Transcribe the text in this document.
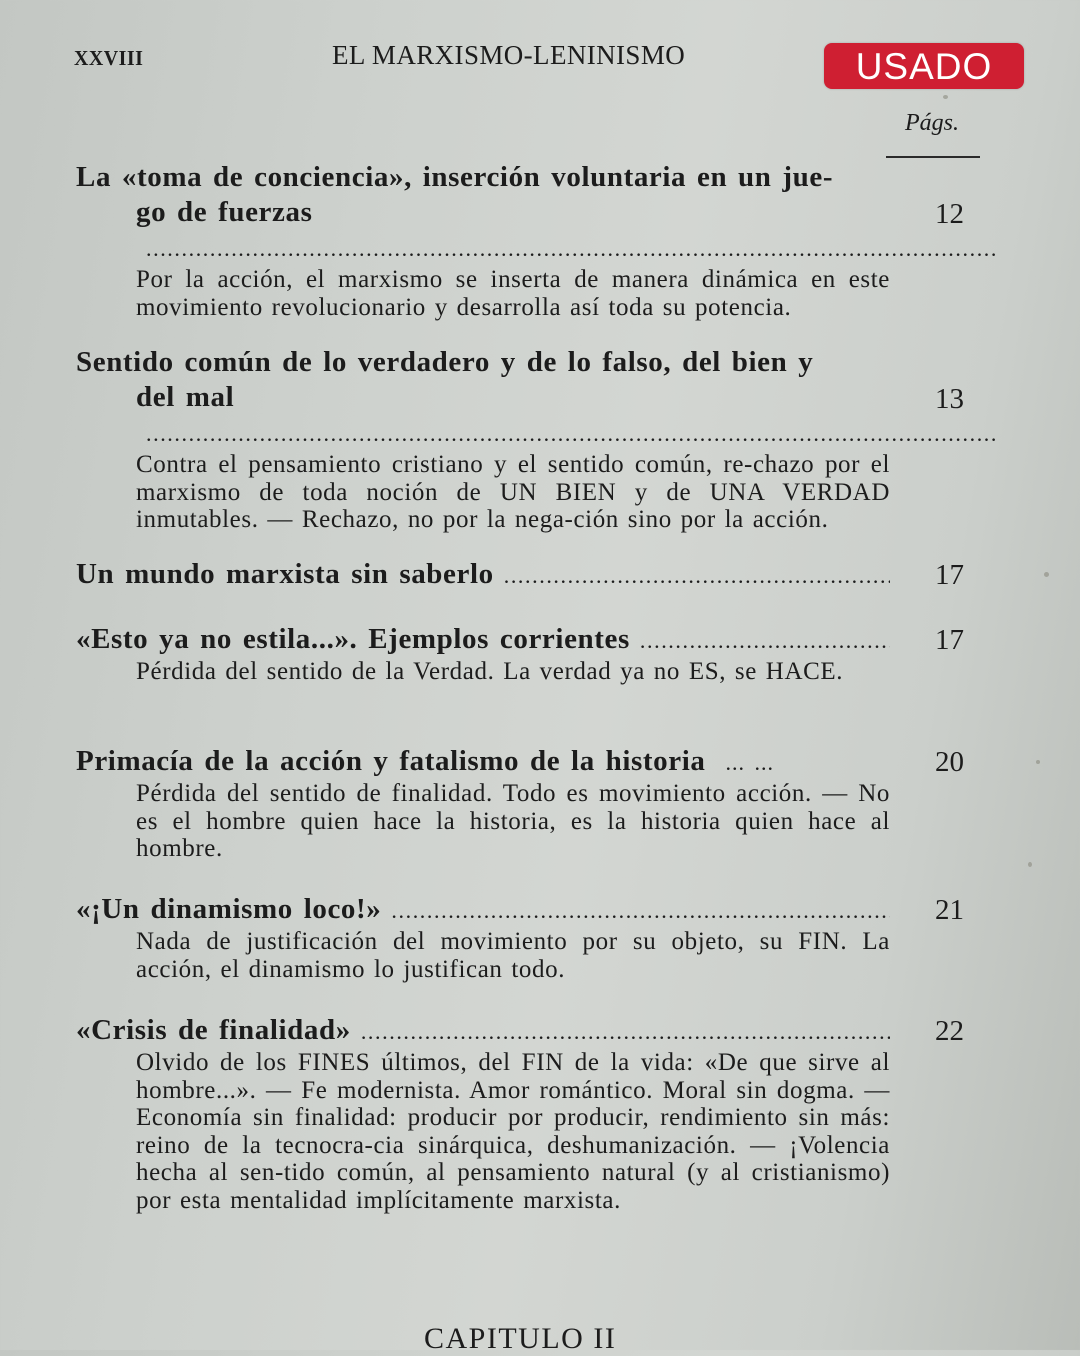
XXVIII	EL MARXISMO-LENINISMO	USADO
Págs.
La «toma de conciencia», inserción voluntaria en un jue-
go de fuerzas .....	12
Por la acción, el marxismo se inserta de manera dinámica en este movimiento revolucionario y desarrolla así toda su potencia.
Sentido común de lo verdadero y de lo falso, del bien y
del mal .....	13
Contra el pensamiento cristiano y el sentido común, re-chazo por el marxismo de toda noción de UN BIEN y de UNA VERDAD inmutables. — Rechazo, no por la nega-ción sino por la acción.
Un mundo marxista sin saberlo .....	17
«Esto ya no estila...». Ejemplos corrientes .....	17
Pérdida del sentido de la Verdad. La verdad ya no ES, se HACE.
Primacía de la acción y fatalismo de la historia ... ...	20
Pérdida del sentido de finalidad. Todo es movimiento acción. — No es el hombre quien hace la historia, es la historia quien hace al hombre.
«¡Un dinamismo loco!» .....	21
Nada de justificación del movimiento por su objeto, su FIN. La acción, el dinamismo lo justifican todo.
«Crisis de finalidad» .....	22
Olvido de los FINES últimos, del FIN de la vida: «De que sirve al hombre...». — Fe modernista. Amor romántico. Moral sin dogma. — Economía sin finalidad: producir por producir, rendimiento sin más: reino de la tecnocra-cia sinárquica, deshumanización. — ¡Volencia hecha al sen-tido común, al pensamiento natural (y al cristianismo) por esta mentalidad implícitamente marxista.
CAPITULO II
